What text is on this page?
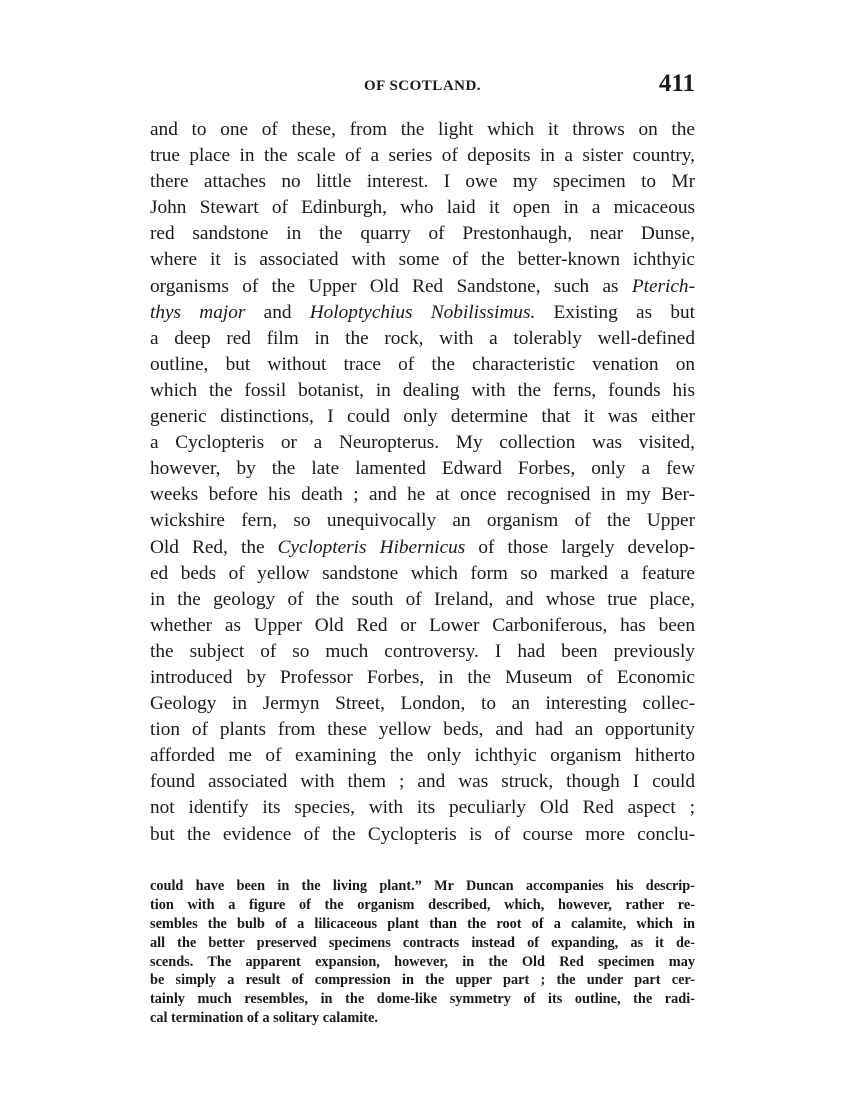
OF SCOTLAND.	411
and to one of these, from the light which it throws on the
true place in the scale of a series of deposits in a sister country,
there attaches no little interest. I owe my specimen to Mr
John Stewart of Edinburgh, who laid it open in a micaceous
red sandstone in the quarry of Prestonhaugh, near Dunse,
where it is associated with some of the better-known ichthyic
organisms of the Upper Old Red Sandstone, such as Pterich-
thys major and Holoptychius Nobilissimus. Existing as but
a deep red film in the rock, with a tolerably well-defined
outline, but without trace of the characteristic venation on
which the fossil botanist, in dealing with the ferns, founds his
generic distinctions, I could only determine that it was either
a Cyclopteris or a Neuropterus. My collection was visited,
however, by the late lamented Edward Forbes, only a few
weeks before his death ; and he at once recognised in my Ber-
wickshire fern, so unequivocally an organism of the Upper
Old Red, the Cyclopteris Hibernicus of those largely develop-
ed beds of yellow sandstone which form so marked a feature
in the geology of the south of Ireland, and whose true place,
whether as Upper Old Red or Lower Carboniferous, has been
the subject of so much controversy. I had been previously
introduced by Professor Forbes, in the Museum of Economic
Geology in Jermyn Street, London, to an interesting collec-
tion of plants from these yellow beds, and had an opportunity
afforded me of examining the only ichthyic organism hitherto
found associated with them ; and was struck, though I could
not identify its species, with its peculiarly Old Red aspect ;
but the evidence of the Cyclopteris is of course more conclu-
could have been in the living plant.” Mr Duncan accompanies his descrip-
tion with a figure of the organism described, which, however, rather re-
sembles the bulb of a lilicaceous plant than the root of a calamite, which in
all the better preserved specimens contracts instead of expanding, as it de-
scends. The apparent expansion, however, in the Old Red specimen may
be simply a result of compression in the upper part ; the under part cer-
tainly much resembles, in the dome-like symmetry of its outline, the radi-
cal termination of a solitary calamite.
